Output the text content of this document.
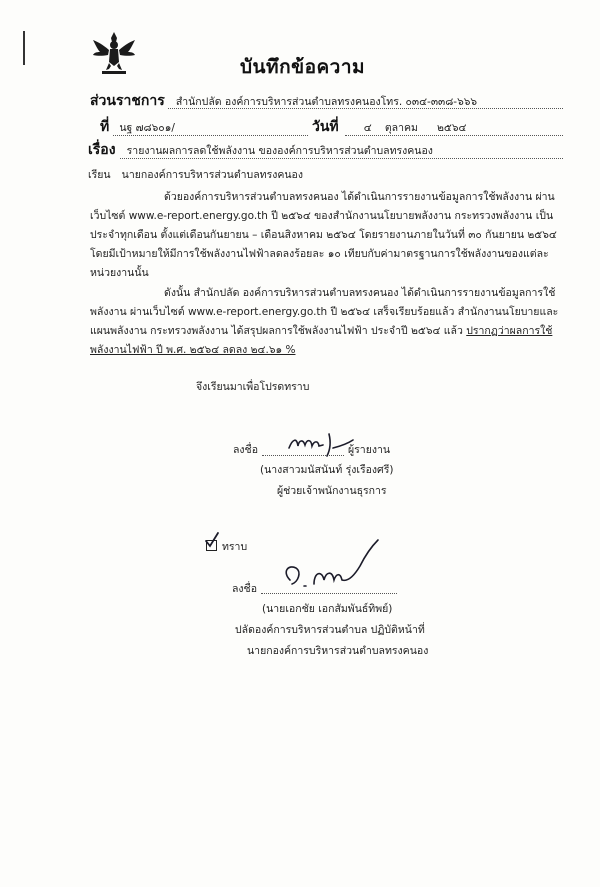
บันทึกข้อความ
ส่วนราชการ สำนักปลัด องค์การบริหารส่วนตำบลทรงคนองโทร. ๐๓๔-๓๓๘-๖๖๖
ที่ นฐ ๗๘๖๐๑/	วันที่ ๔ ตุลาคม ๒๕๖๔
เรื่อง รายงานผลการลดใช้พลังงาน ขององค์การบริหารส่วนตำบลทรงคนอง
เรียน นายกองค์การบริหารส่วนตำบลทรงคนอง

ด้วยองค์การบริหารส่วนตำบลทรงคนอง ได้ดำเนินการรายงานข้อมูลการใช้พลังงาน ผ่านเว็บไซต์ www.e-report.energy.go.th ปี ๒๕๖๔ ของสำนักงานนโยบายพลังงาน กระทรวงพลังงาน เป็นประจำทุกเดือน ตั้งแต่เดือนกันยายน – เดือนสิงหาคม ๒๕๖๔ โดยรายงานภายในวันที่ ๓๐ กันยายน ๒๕๖๔ โดยมีเป้าหมายให้มีการใช้พลังงานไฟฟ้าลดลงร้อยละ ๑๐ เทียบกับค่ามาตรฐานการใช้พลังงานของแต่ละหน่วยงานนั้น

ดังนั้น สำนักปลัด องค์การบริหารส่วนตำบลทรงคนอง ได้ดำเนินการรายงานข้อมูลการใช้พลังงาน ผ่านเว็บไซต์ www.e-report.energy.go.th ปี ๒๕๖๔ เสร็จเรียบร้อยแล้ว สำนักงานนโยบายและแผนพลังงาน กระทรวงพลังงาน ได้สรุปผลการใช้พลังงานไฟฟ้า ประจำปี ๒๕๖๔ แล้ว ปรากฏว่าผลการใช้พลังงานไฟฟ้า ปี พ.ศ. ๒๕๖๔ ลดลง ๒๔.๖๑ %

จึงเรียนมาเพื่อโปรดทราบ
ลงชื่อ	ผู้รายงาน
(นางสาวมนัสนันท์ รุ่งเรืองศรี)
ผู้ช่วยเจ้าพนักงานธุรการ
ทราบ
ลงชื่อ
(นายเอกชัย เอกสัมพันธ์ทิพย์)
ปลัดองค์การบริหารส่วนตำบล ปฏิบัติหน้าที่
นายกองค์การบริหารส่วนตำบลทรงคนอง
